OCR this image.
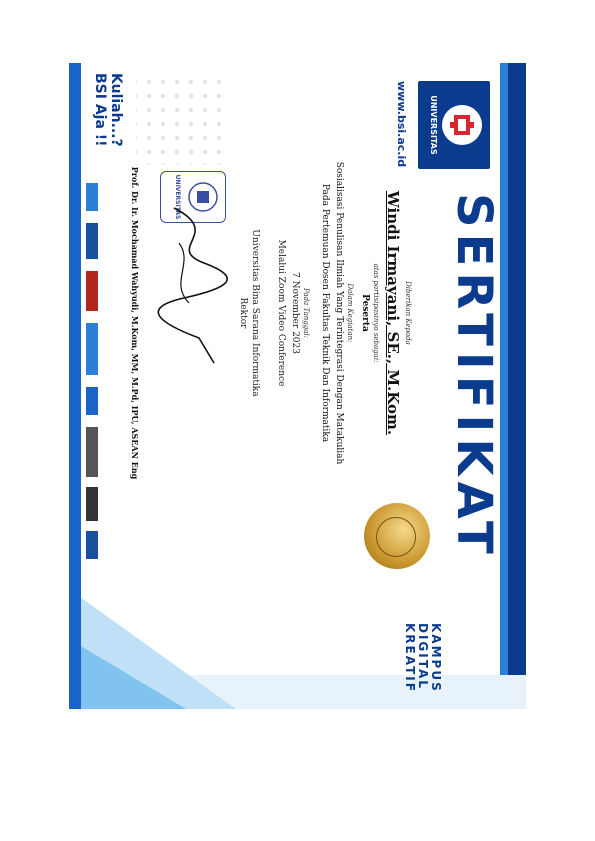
UNIVERSITAS
www.bsi.ac.id
SERTIFIKAT
Diberikan Kepada
Windi Irmayani, SE., M.Kom.
atas partisipasinya sebagai:
Peserta
Dalam Kegiatan:
Sosialisasi Penulisan Ilmiah Yang Terintegrasi Dengan Matakuliah
Pada Pertemuan Dosen Fakultas Teknik Dan Informatika
Pada Tanggal:
7 November 2023
Melalui Zoom Video Conference
Universitas Bina Sarana Informatika
Rektor
UNIVERSITAS
Prof. Dr. Ir. Mochamad Wahyudi, M.Kom, MM, M.Pd, IPU, ASEAN Eng
KAMPUS
DIGITAL
KREATIF
Kuliah...?
BSI Aja !!
